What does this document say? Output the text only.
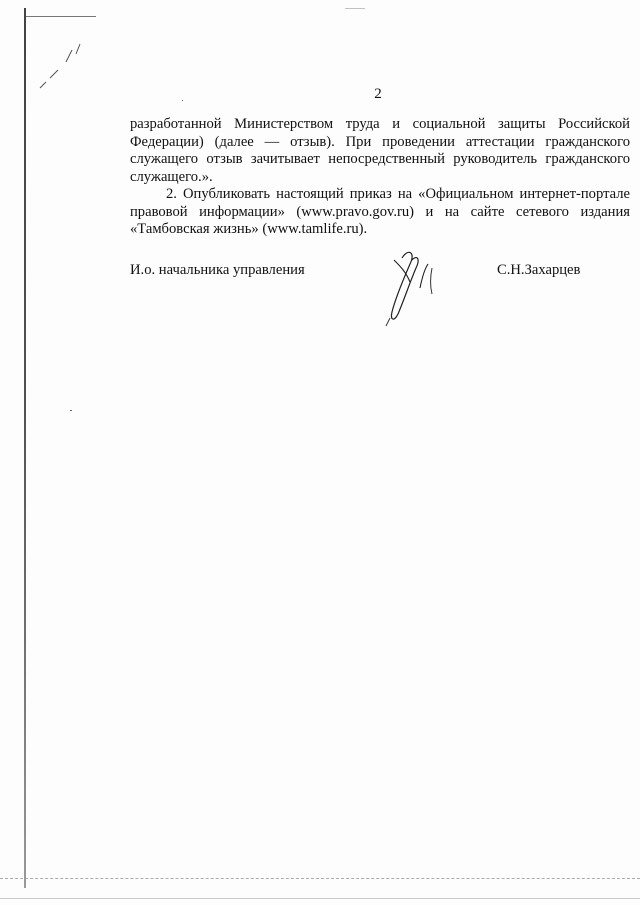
2

разработанной Министерством труда и социальной защиты Российской Федерации) (далее — отзыв). При проведении аттестации гражданского служащего отзыв зачитывает непосредственный руководитель гражданского служащего.».

2. Опубликовать настоящий приказ на «Официальном интернет-портале правовой информации» (www.pravo.gov.ru) и на сайте сетевого издания «Тамбовская жизнь» (www.tamlife.ru).

И.о. начальника управления	С.Н.Захарцев
